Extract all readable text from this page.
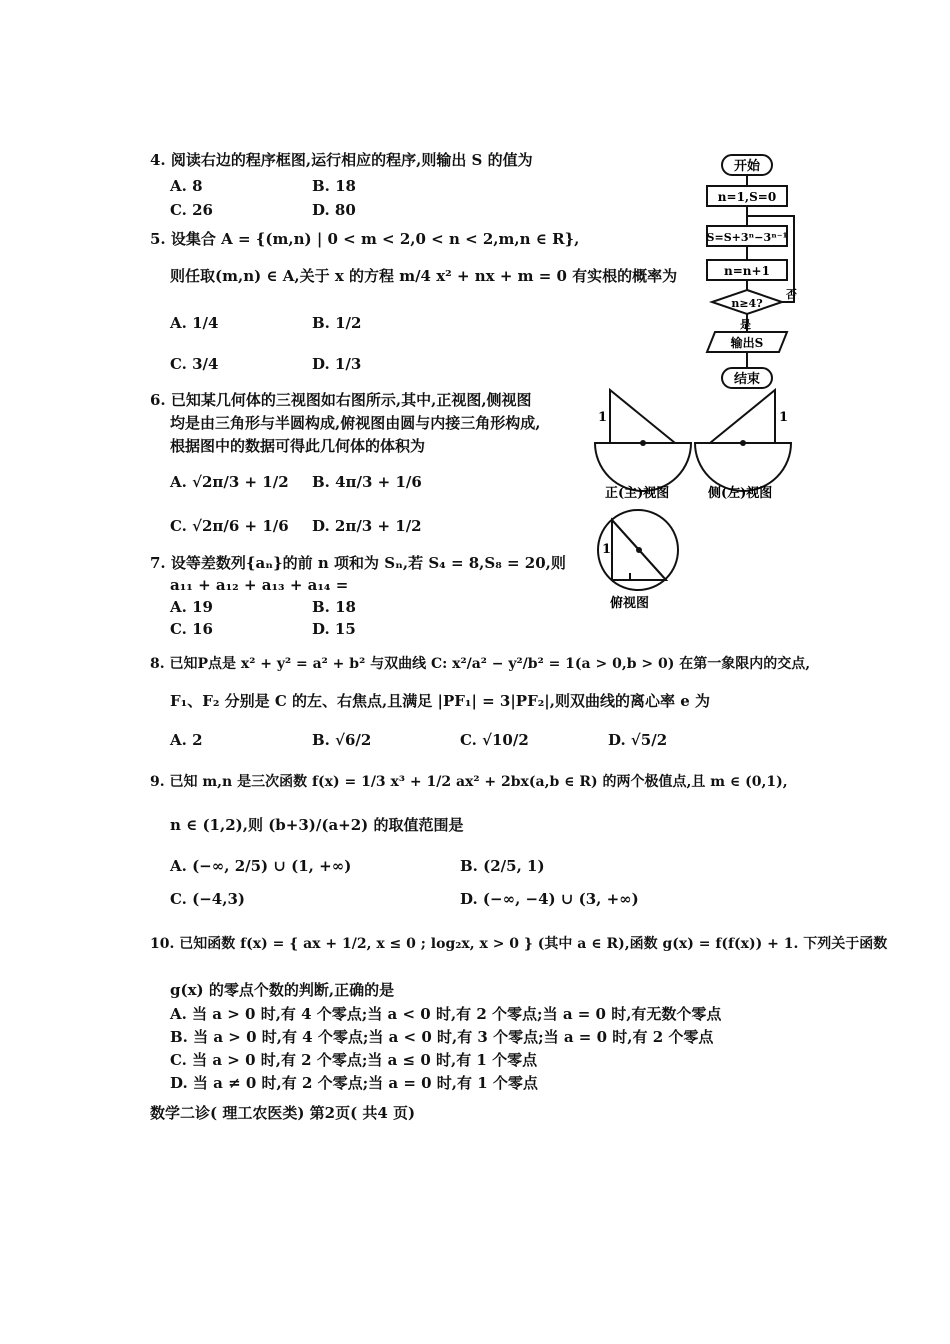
4. 阅读右边的程序框图,运行相应的程序,则输出 S 的值为
A. 8	B. 18
C. 26	D. 80
5. 设集合 A = {(m,n) | 0 < m < 2,0 < n < 2,m,n ∈ R},
则任取(m,n) ∈ A,关于 x 的方程 m/4 x² + nx + m = 0 有实根的概率为
A. 1/4	B. 1/2
C. 3/4	D. 1/3
6. 已知某几何体的三视图如右图所示,其中,正视图,侧视图
均是由三角形与半圆构成,俯视图由圆与内接三角形构成,
根据图中的数据可得此几何体的体积为
A. √2π/3 + 1/2 B. 4π/3 + 1/6
C. √2π/6 + 1/6 D. 2π/3 + 1/2
7. 设等差数列{aₙ}的前 n 项和为 Sₙ,若 S₄ = 8,S₈ = 20,则
a₁₁ + a₁₂ + a₁₃ + a₁₄ =
A. 19	B. 18
C. 16	D. 15
8. 已知P点是 x² + y² = a² + b² 与双曲线 C: x²/a² − y²/b² = 1(a > 0,b > 0) 在第一象限内的交点,
F₁、F₂ 分别是 C 的左、右焦点,且满足 |PF₁| = 3|PF₂|,则双曲线的离心率 e 为
A. 2	B. √6/2	C. √10/2	D. √5/2
9. 已知 m,n 是三次函数 f(x) = 1/3 x³ + 1/2 ax² + 2bx(a,b ∈ R) 的两个极值点,且 m ∈ (0,1),
n ∈ (1,2),则 (b+3)/(a+2) 的取值范围是
A. (−∞, 2/5) ∪ (1, +∞)	B. (2/5, 1)
C. (−4,3)	D. (−∞, −4) ∪ (3, +∞)
10. 已知函数 f(x) = { ax + 1/2, x ≤ 0 ; log₂x, x > 0 } (其中 a ∈ R),函数 g(x) = f(f(x)) + 1. 下列关于函数
g(x) 的零点个数的判断,正确的是
A. 当 a > 0 时,有 4 个零点;当 a < 0 时,有 2 个零点;当 a = 0 时,有无数个零点
B. 当 a > 0 时,有 4 个零点;当 a < 0 时,有 3 个零点;当 a = 0 时,有 2 个零点
C. 当 a > 0 时,有 2 个零点;当 a ≤ 0 时,有 1 个零点
D. 当 a ≠ 0 时,有 2 个零点;当 a = 0 时,有 1 个零点
数学二诊( 理工农医类) 第2页( 共4 页)
开始
n=1,S=0
S=S+3ⁿ−3ⁿ⁻¹
n=n+1
n≥4?
否
是
输出S
结束
1
正(主)视图
1
侧(左)视图
1
俯视图
